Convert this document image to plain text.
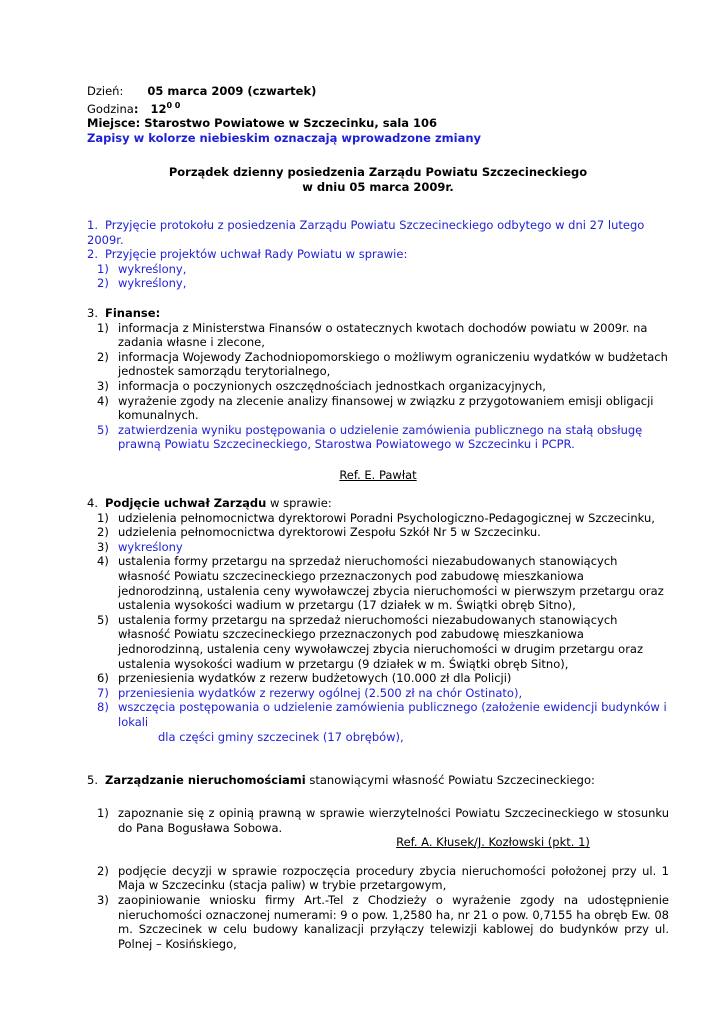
Dzień: 05 marca 2009 (czwartek)
Godzina: $12^{0 0}$
Miejsce: Starostwo Powiatowe w Szczecinku, sala 106
Zapisy w kolorze niebieskim oznaczają wprowadzone zmiany
Porządek dzienny posiedzenia Zarządu Powiatu Szczecineckiego
w dniu 05 marca 2009r.
1. Przyjęcie protokołu z posiedzenia Zarządu Powiatu Szczecineckiego odbytego w dni 27 lutego 2009r.
2. Przyjęcie projektów uchwał Rady Powiatu w sprawie:
1) wykreślony,
2) wykreślony,
3. Finanse:
1) informacja z Ministerstwa Finansów o ostatecznych kwotach dochodów powiatu w 2009r. na zadania własne i zlecone,
2) informacja Wojewody Zachodniopomorskiego o możliwym ograniczeniu wydatków w budżetach jednostek samorządu terytorialnego,
3) informacja o poczynionych oszczędnościach jednostkach organizacyjnych,
4) wyrażenie zgody na zlecenie analizy finansowej w związku z przygotowaniem emisji obligacji komunalnych.
5) zatwierdzenia wyniku postępowania o udzielenie zamówienia publicznego na stałą obsługę prawną Powiatu Szczecineckiego, Starostwa Powiatowego w Szczecinku i PCPR.
Ref. E. Pawłat
4. Podjęcie uchwał Zarządu w sprawie:
1) udzielenia pełnomocnictwa dyrektorowi Poradni Psychologiczno-Pedagogicznej w Szczecinku,
2) udzielenia pełnomocnictwa dyrektorowi Zespołu Szkół Nr 5 w Szczecinku.
3) wykreślony
4) ustalenia formy przetargu na sprzedaż nieruchomości niezabudowanych stanowiących własność Powiatu szczecineckiego przeznaczonych pod zabudowę mieszkaniowa jednorodzinną, ustalenia ceny wywoławczej zbycia nieruchomości w pierwszym przetargu oraz ustalenia wysokości wadium w przetargu (17 działek w m. Świątki obręb Sitno),
5) ustalenia formy przetargu na sprzedaż nieruchomości niezabudowanych stanowiących własność Powiatu szczecineckiego przeznaczonych pod zabudowę mieszkaniowa jednorodzinną, ustalenia ceny wywoławczej zbycia nieruchomości w drugim przetargu oraz ustalenia wysokości wadium w przetargu (9 działek w m. Świątki obręb Sitno),
6) przeniesienia wydatków z rezerw budżetowych (10.000 zł dla Policji)
7) przeniesienia wydatków z rezerwy ogólnej (2.500 zł na chór Ostinato),
8) wszczęcia postępowania o udzielenie zamówienia publicznego (założenie ewidencji budynków i lokali
dla części gminy szczecinek (17 obrębów),
5. Zarządzanie nieruchomościami stanowiącymi własność Powiatu Szczecineckiego:
1) zapoznanie się z opinią prawną w sprawie wierzytelności Powiatu Szczecineckiego w stosunku do Pana Bogusława Sobowa.
Ref. A. Kłusek/J. Kozłowski (pkt. 1)
2) podjęcie decyzji w sprawie rozpoczęcia procedury zbycia nieruchomości położonej przy ul. 1 Maja w Szczecinku (stacja paliw) w trybie przetargowym,
3) zaopiniowanie wniosku firmy Art.-Tel z Chodzieży o wyrażenie zgody na udostępnienie nieruchomości oznaczonej numerami: 9 o pow. 1,2580 ha, nr 21 o pow. 0,7155 ha obręb Ew. 08 m. Szczecinek w celu budowy kanalizacji przyłączy telewizji kablowej do budynków przy ul. Polnej – Kosińskiego,
